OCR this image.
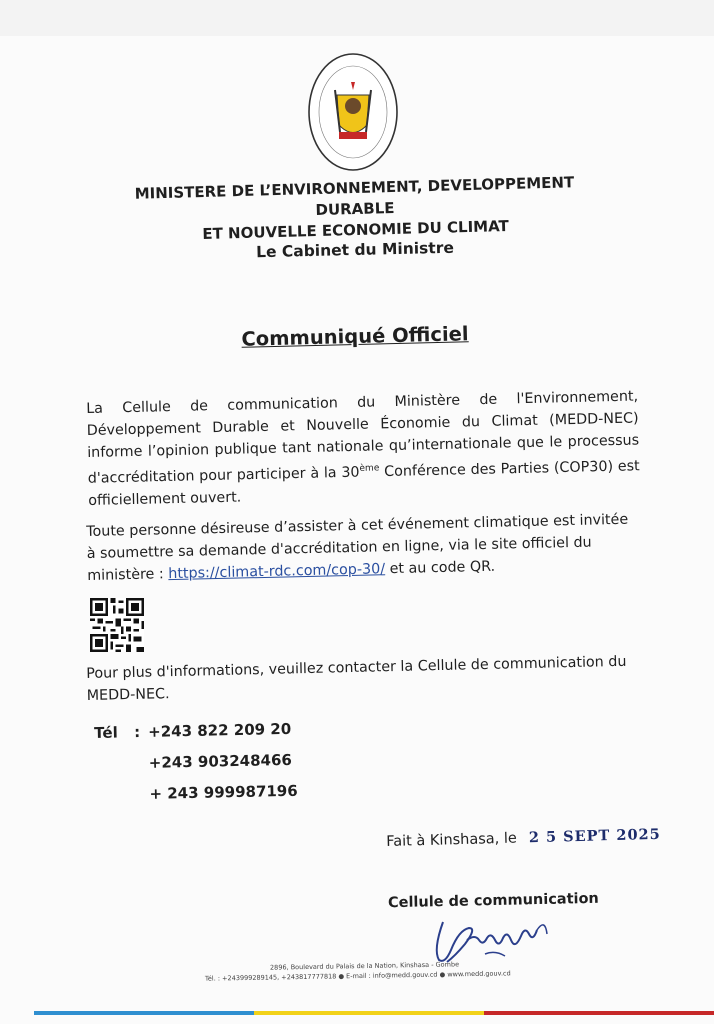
MINISTERE DE L’ENVIRONNEMENT, DEVELOPPEMENT DURABLE
ET NOUVELLE ECONOMIE DU CLIMAT
Le Cabinet du Ministre
Communiqué Officiel
La Cellule de communication du Ministère de l'Environnement, Développement Durable et Nouvelle Économie du Climat (MEDD-NEC) informe l’opinion publique tant nationale qu’internationale que le processus d'accréditation pour participer à la 30ème Conférence des Parties (COP30) est officiellement ouvert.
Toute personne désireuse d’assister à cet événement climatique est invitée à soumettre sa demande d'accréditation en ligne, via le site officiel du ministère : https://climat-rdc.com/cop-30/ et au code QR.
Pour plus d'informations, veuillez contacter la Cellule de communication du MEDD-NEC.
Tél	: +243 822 209 20
+243 903248466
+ 243 999987196
Fait à Kinshasa, le 2 5 SEPT 2025
Cellule de communication
2896, Boulevard du Palais de la Nation, Kinshasa - Gombe
Tél. : +243999289145, +243817777818 ● E-mail : info@medd.gouv.cd ● www.medd.gouv.cd
